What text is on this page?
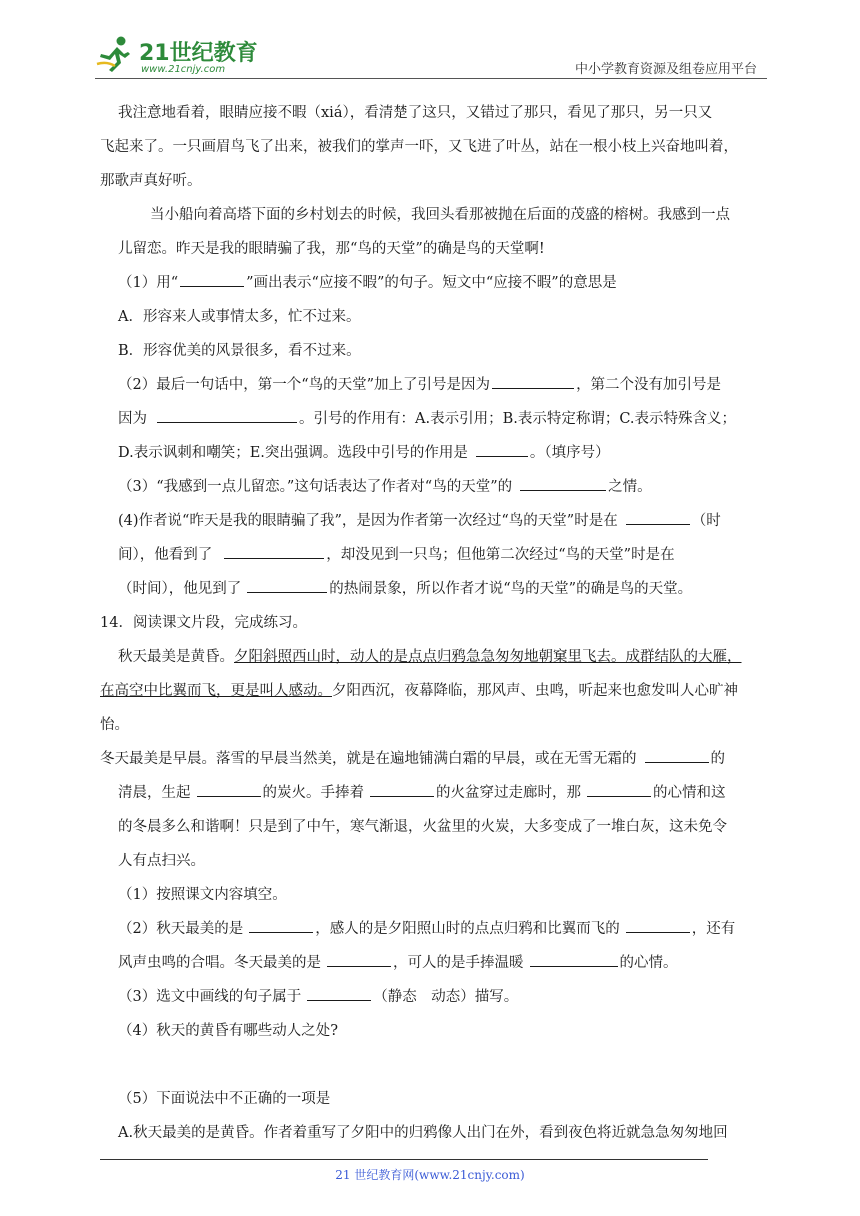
21世纪教育
www.21cnjy.com	中小学教育资源及组卷应用平台
我注意地看着，眼睛应接不暇（xiá），看清楚了这只，又错过了那只，看见了那只，另一只又
飞起来了。一只画眉鸟飞了出来，被我们的掌声一吓，又飞进了叶丛，站在一根小枝上兴奋地叫着，
那歌声真好听。
当小船向着高塔下面的乡村划去的时候，我回头看那被抛在后面的茂盛的榕树。我感到一点
儿留恋。昨天是我的眼睛骗了我，那“鸟的天堂”的确是鸟的天堂啊!
（1）用“	”画出表示“应接不暇”的句子。短文中“应接不暇”的意思是
A．形容来人或事情太多，忙不过来。
B．形容优美的风景很多，看不过来。
（2）最后一句话中，第一个“鸟的天堂”加上了引号是因为	，第二个没有加引号是
因为	。引号的作用有：A.表示引用；B.表示特定称谓；C.表示特殊含义；
D.表示讽刺和嘲笑；E.突出强调。选段中引号的作用是	。（填序号）
（3）“我感到一点儿留恋。”这句话表达了作者对“鸟的天堂”的	之情。
(4)作者说“昨天是我的眼睛骗了我”，是因为作者第一次经过“鸟的天堂”时是在	（时
间），他看到了	，却没见到一只鸟；但他第二次经过“鸟的天堂”时是在
（时间），他见到了	的热闹景象，所以作者才说“鸟的天堂”的确是鸟的天堂。
14．阅读课文片段，完成练习。
秋天最美是黄昏。夕阳斜照西山时，动人的是点点归鸦急急匆匆地朝窠里飞去。成群结队的大雁，
在高空中比翼而飞，更是叫人感动。夕阳西沉，夜幕降临，那风声、虫鸣，听起来也愈发叫人心旷神
怡。
冬天最美是早晨。落雪的早晨当然美，就是在遍地铺满白霜的早晨，或在无雪无霜的	的
清晨，生起	的炭火。手捧着	的火盆穿过走廊时，那	的心情和这
的冬晨多么和谐啊！只是到了中午，寒气渐退，火盆里的火炭，大多变成了一堆白灰，这未免令
人有点扫兴。
（1）按照课文内容填空。
（2）秋天最美的是	，感人的是夕阳照山时的点点归鸦和比翼而飞的	，还有
风声虫鸣的合唱。冬天最美的是	，可人的是手捧温暖	的心情。
（3）选文中画线的句子属于	（静态　动态）描写。
（4）秋天的黄昏有哪些动人之处?
（5）下面说法中不正确的一项是
A.秋天最美的是黄昏。作者着重写了夕阳中的归鸦像人出门在外，看到夜色将近就急急匆匆地回
21 世纪教育网(www.21cnjy.com)
